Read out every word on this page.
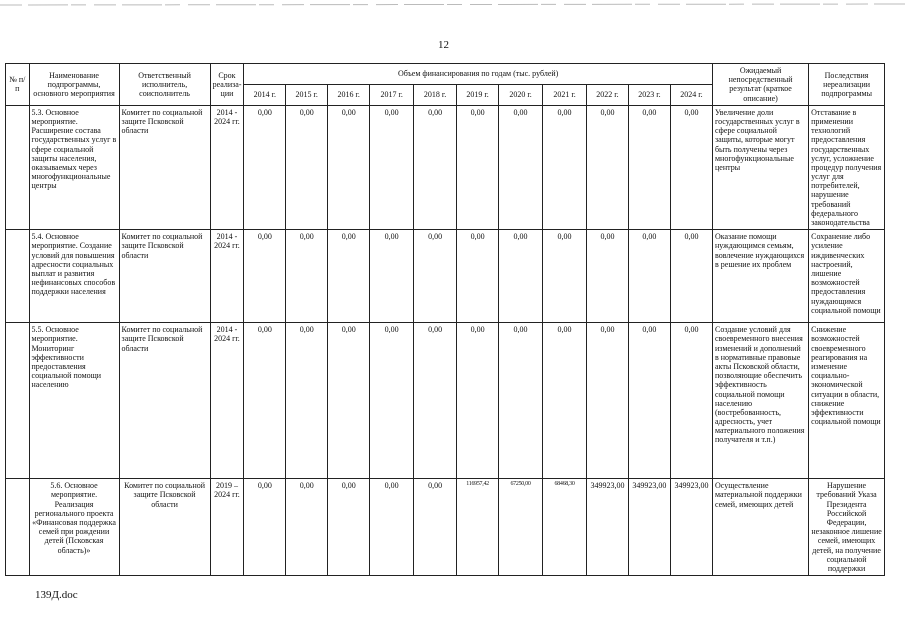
12
№ п/п	Наименование подпрограммы, основного мероприятия	Ответственный исполнитель, соисполнитель	Срок реализа-ции	Объем финансирования по годам (тыс. рублей)											Ожидаемый непосредственный результат (краткое описание)	Последствия нереализации подпрограммы
				2014 г.	2015 г.	2016 г.	2017 г.	2018 г.	2019 г.	2020 г.	2021 г.	2022 г.	2023 г.	2024 г.		
	5.3. Основное мероприятие. Расширение состава государственных услуг в сфере социальной защиты населения, оказываемых через многофункциональные центры	Комитет по социальной защите Псковской области	2014 - 2024 гг.	0,00	0,00	0,00	0,00	0,00	0,00	0,00	0,00	0,00	0,00	0,00	Увеличение доли государственных услуг в сфере социальной защиты, которые могут быть получены через многофункциональные центры	Отставание в применении технологий предоставления государственных услуг, усложнение процедур получения услуг для потребителей, нарушение требований федерального законодательства
	5.4. Основное мероприятие. Создание условий для повышения адресности социальных выплат и развития нефинансовых способов поддержки населения	Комитет по социальной защите Псковской области	2014 - 2024 гг.	0,00	0,00	0,00	0,00	0,00	0,00	0,00	0,00	0,00	0,00	0,00	Оказание помощи нуждающимся семьям, вовлечение нуждающихся в решение их проблем	Сохранение либо усиление иждивенческих настроений, лишение возможностей предоставления нуждающимся социальной помощи
	5.5. Основное мероприятие. Мониторинг эффективности предоставления социальной помощи населению	Комитет по социальной защите Псковской области	2014 - 2024 гг.	0,00	0,00	0,00	0,00	0,00	0,00	0,00	0,00	0,00	0,00	0,00	Создание условий для своевременного внесения изменений и дополнений в нормативные правовые акты Псковской области, позволяющие обеспечить эффективность социальной помощи населению (востребованность, адресность, учет материального положения получателя и т.п.)	Снижение возможностей своевременного реагирования на изменение социально-экономической ситуации в области, снижение эффективности социальной помощи
	5.6. Основное мероприятие. Реализация регионального проекта «Финансовая поддержка семей при рождении детей (Псковская область)»	Комитет по социальной защите Псковской области	2019 – 2024 гг.	0,00	0,00	0,00	0,00	0,00	116957,42	67250,00	68468,30	349923,00	349923,00	349923,00	Осуществление материальной поддержки семей, имеющих детей	Нарушение требований Указа Президента Российской Федерации, незаконное лишение семей, имеющих детей, на получение социальной поддержки
139Д.doc
